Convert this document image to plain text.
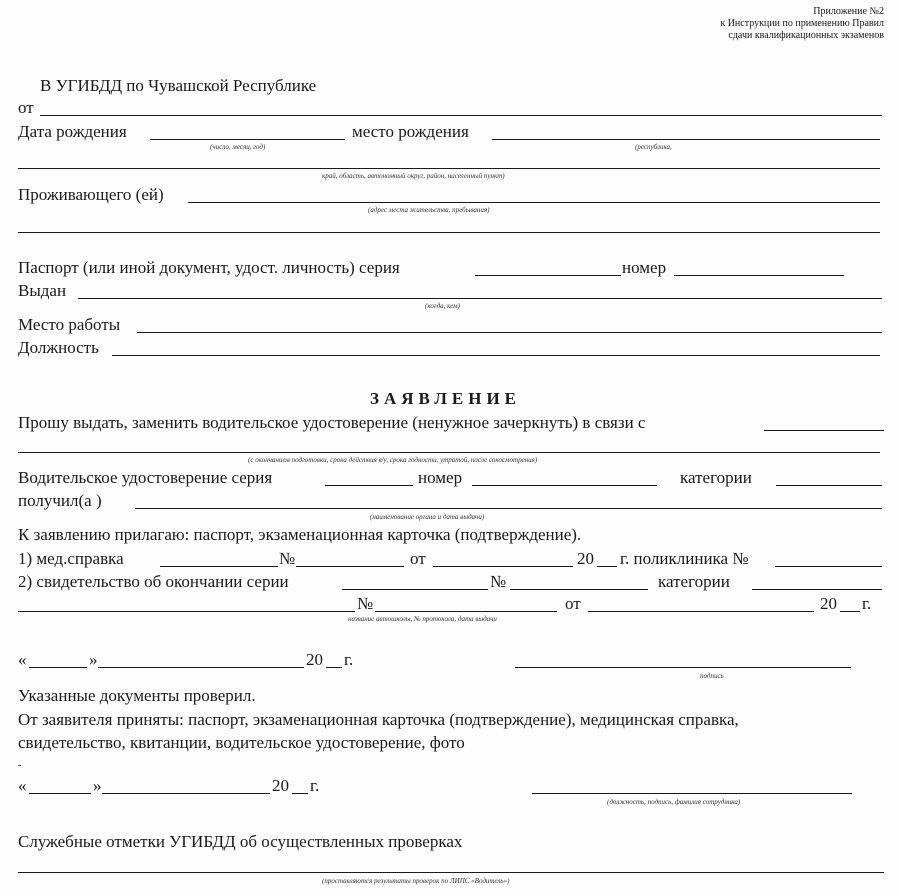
Приложение №2
к Инструкции по применению Правил
сдачи квалификационных экзаменов
В УГИБДД по Чувашской Республике
от
Дата рождения
(число, месяц, год)
место рождения
(республика,
край, область, автономный округ, район, населенный пункт)
Проживающего (ей)
(адрес места жительства, пребывания)
Паспорт (или иной документ, удост. личность) серия	номер
Выдан
(когда, кем)
Место работы
Должность
ЗАЯВЛЕНИЕ
Прошу выдать, заменить водительское удостоверение (ненужное зачеркнуть) в связи с
(с окончанием подготовки, срока действия в/у, срока годности, утратой, после сокосмотрения)
Водительское удостоверение серия	номер	категории
получил(а )
(наименование органа и дата выдачи)
К заявлению прилагаю: паспорт, экзаменационная карточка (подтверждение).
1) мед.справка	№	от	20 г. поликлиника №
2) свидетельство об окончании серии	№	категории
№	от	20 г.
название автошколы, № протокола, дата выдачи
«	»	20 г.
подпись
Указанные документы проверил.
От заявителя приняты: паспорт, экзаменационная карточка (подтверждение), медицинская справка,
свидетельство, квитанции, водительское удостоверение, фото
-
«	»	20 г.
(должность, подпись, фамилия сотрудника)
Служебные отметки УГИБДД об осуществленных проверках
(проставляются результаты проверок по ЛИПС «Водитель»)
